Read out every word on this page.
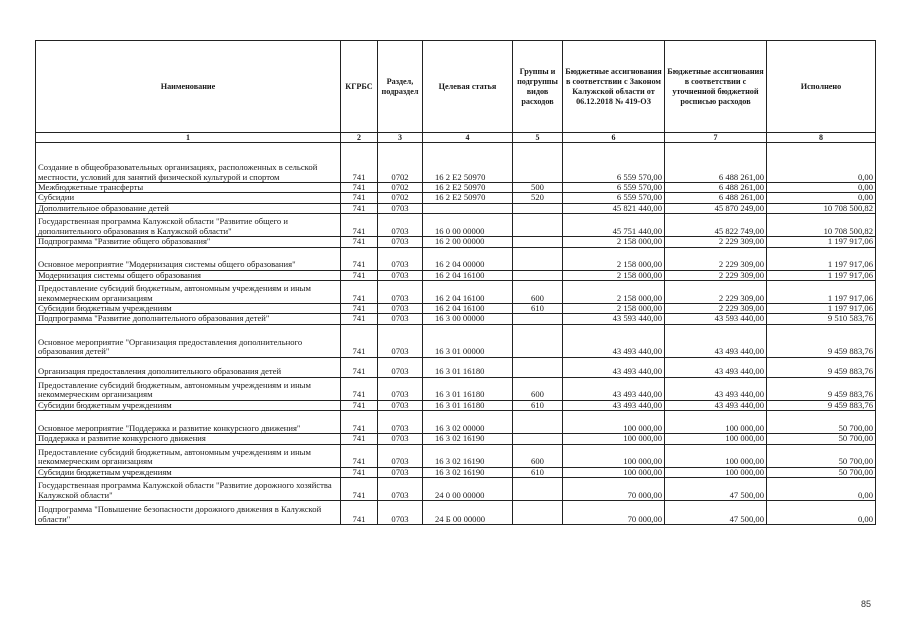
Наименование	КГРБС	Раздел, подраздел	Целевая статья	Группы и подгруппы видов расходов	Бюджетные ассигнования в соответствии с Законом Калужской области от 06.12.2018 № 419-ОЗ	Бюджетные ассигнования в соответствии с уточненной бюджетной росписью расходов	Исполнено
1	2	3	4	5	6	7	8
Создание в общеобразовательных организациях, расположенных в сельской местности, условий для занятий физической культурой и спортом	741	0702	16 2 Е2 50970		6 559 570,00	6 488 261,00	0,00
Межбюджетные трансферты	741	0702	16 2 Е2 50970	500	6 559 570,00	6 488 261,00	0,00
Субсидии	741	0702	16 2 Е2 50970	520	6 559 570,00	6 488 261,00	0,00
Дополнительное образование детей	741	0703			45 821 440,00	45 870 249,00	10 708 500,82
Государственная программа Калужской области "Развитие общего и дополнительного образования в Калужской области"	741	0703	16 0 00 00000		45 751 440,00	45 822 749,00	10 708 500,82
Подпрограмма "Развитие общего образования"	741	0703	16 2 00 00000		2 158 000,00	2 229 309,00	1 197 917,06
Основное мероприятие "Модернизация системы общего образования"	741	0703	16 2 04 00000		2 158 000,00	2 229 309,00	1 197 917,06
Модернизация системы общего образования	741	0703	16 2 04 16100		2 158 000,00	2 229 309,00	1 197 917,06
Предоставление субсидий бюджетным, автономным учреждениям и иным некоммерческим организациям	741	0703	16 2 04 16100	600	2 158 000,00	2 229 309,00	1 197 917,06
Субсидии бюджетным учреждениям	741	0703	16 2 04 16100	610	2 158 000,00	2 229 309,00	1 197 917,06
Подпрограмма "Развитие дополнительного образования детей"	741	0703	16 3 00 00000		43 593 440,00	43 593 440,00	9 510 583,76
Основное мероприятие "Организация предоставления дополнительного образования детей"	741	0703	16 3 01 00000		43 493 440,00	43 493 440,00	9 459 883,76
Организация предоставления дополнительного образования детей	741	0703	16 3 01 16180		43 493 440,00	43 493 440,00	9 459 883,76
Предоставление субсидий бюджетным, автономным учреждениям и иным некоммерческим организациям	741	0703	16 3 01 16180	600	43 493 440,00	43 493 440,00	9 459 883,76
Субсидии бюджетным учреждениям	741	0703	16 3 01 16180	610	43 493 440,00	43 493 440,00	9 459 883,76
Основное мероприятие "Поддержка и развитие конкурсного движения"	741	0703	16 3 02 00000		100 000,00	100 000,00	50 700,00
Поддержка и развитие конкурсного движения	741	0703	16 3 02 16190		100 000,00	100 000,00	50 700,00
Предоставление субсидий бюджетным, автономным учреждениям и иным некоммерческим организациям	741	0703	16 3 02 16190	600	100 000,00	100 000,00	50 700,00
Субсидии бюджетным учреждениям	741	0703	16 3 02 16190	610	100 000,00	100 000,00	50 700,00
Государственная программа Калужской области "Развитие дорожного хозяйства Калужской области"	741	0703	24 0 00 00000		70 000,00	47 500,00	0,00
Подпрограмма "Повышение безопасности дорожного движения в Калужской области"	741	0703	24 Б 00 00000		70 000,00	47 500,00	0,00
85
